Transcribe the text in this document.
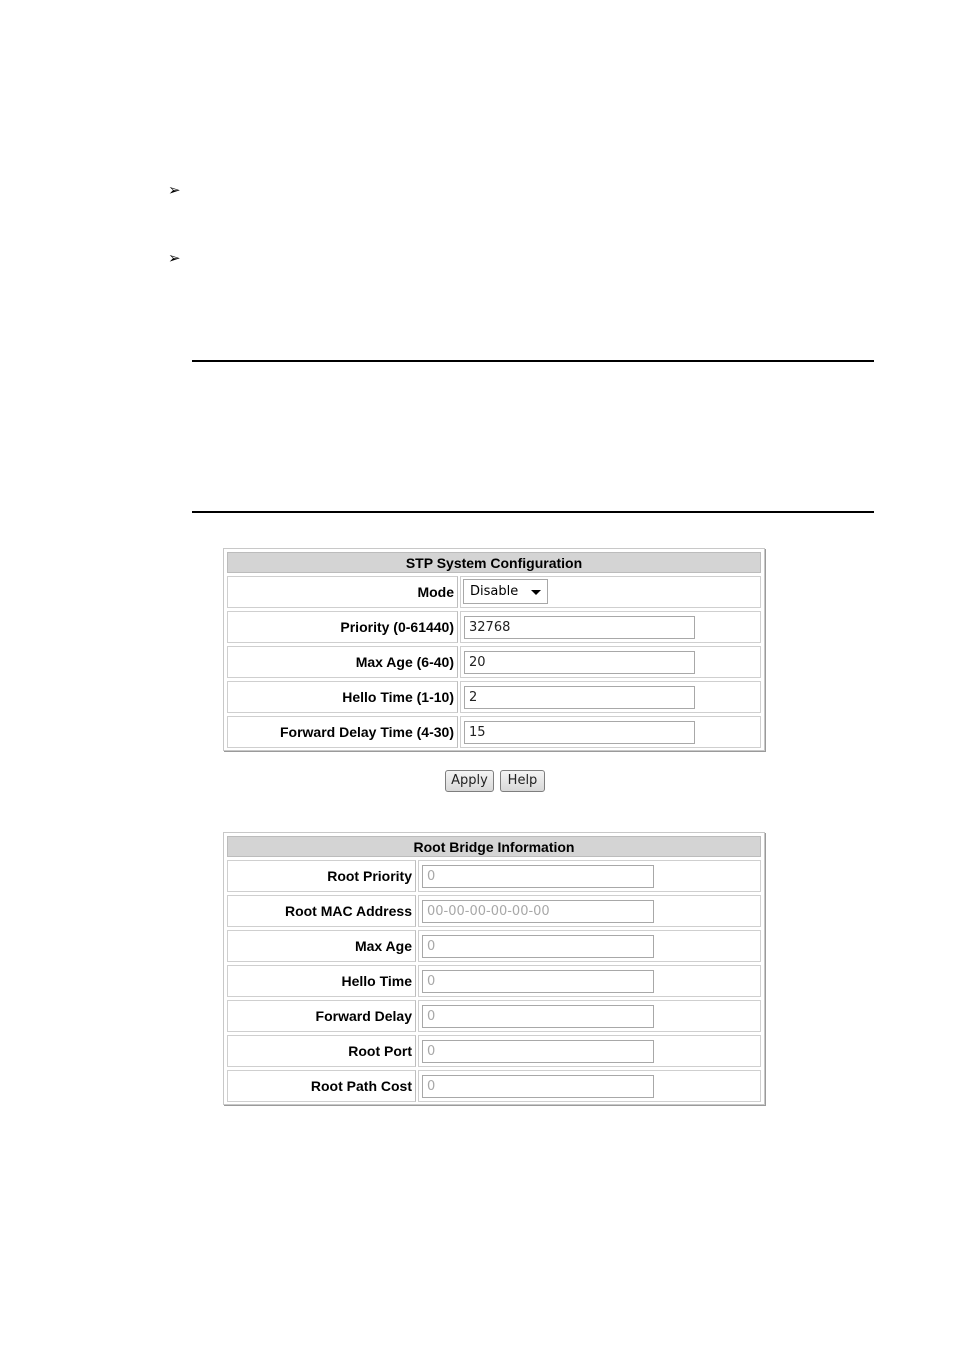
➢
➢
STP System Configuration
Mode	Disable
Priority (0-61440)	32768
Max Age (6-40)	20
Hello Time (1-10)	2
Forward Delay Time (4-30)	15
Apply	Help
Root Bridge Information
Root Priority	0
Root MAC Address	00-00-00-00-00-00
Max Age	0
Hello Time	0
Forward Delay	0
Root Port	0
Root Path Cost	0
